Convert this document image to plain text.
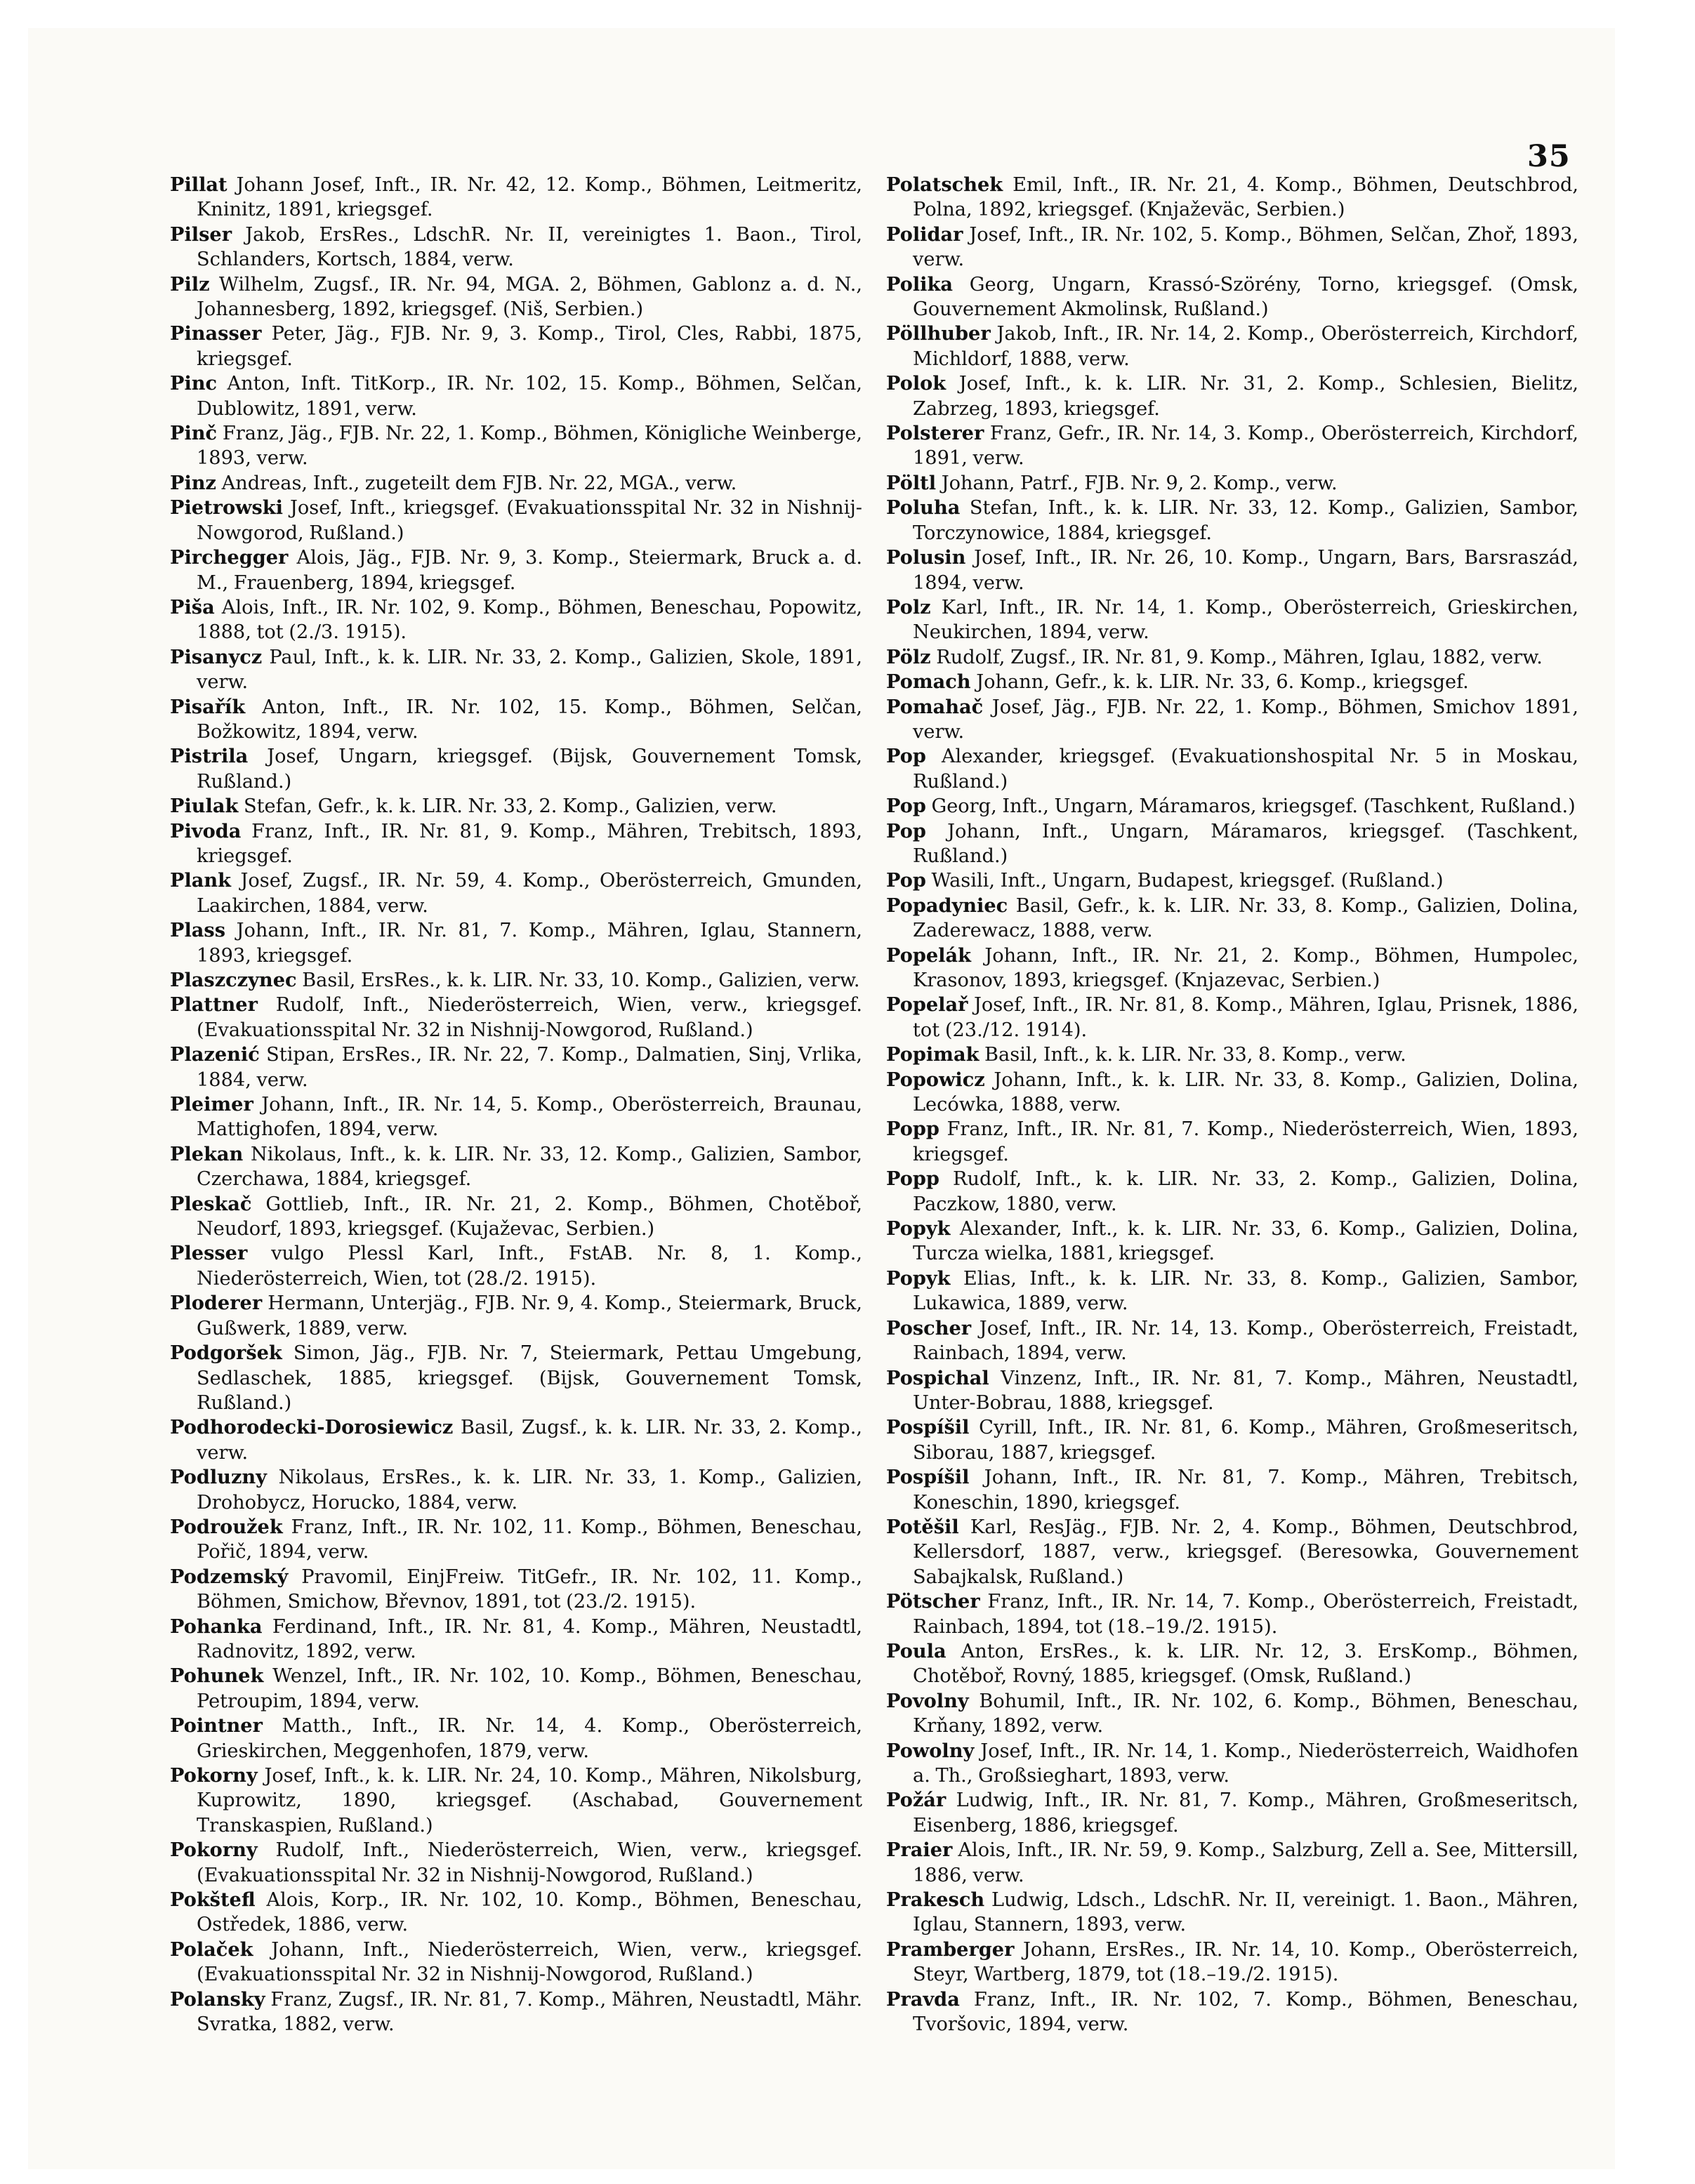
35

Pillat Johann Josef, Inft., IR. Nr. 42, 12. Komp., Böhmen, Leitmeritz, Kninitz, 1891, kriegsgef.

Pilser Jakob, ErsRes., LdschR. Nr. II, vereinigtes 1. Baon., Tirol, Schlanders, Kortsch, 1884, verw.

Pilz Wilhelm, Zugsf., IR. Nr. 94, MGA. 2, Böhmen, Gablonz a. d. N., Johannesberg, 1892, kriegsgef. (Niš, Serbien.)

Pinasser Peter, Jäg., FJB. Nr. 9, 3. Komp., Tirol, Cles, Rabbi, 1875, kriegsgef.

Pinc Anton, Inft. TitKorp., IR. Nr. 102, 15. Komp., Böhmen, Selčan, Dublowitz, 1891, verw.

Pinč Franz, Jäg., FJB. Nr. 22, 1. Komp., Böhmen, Königliche Weinberge, 1893, verw.

Pinz Andreas, Inft., zugeteilt dem FJB. Nr. 22, MGA., verw.

Pietrowski Josef, Inft., kriegsgef. (Evakuationsspital Nr. 32 in Nishnij-Nowgorod, Rußland.)

Pirchegger Alois, Jäg., FJB. Nr. 9, 3. Komp., Steiermark, Bruck a. d. M., Frauenberg, 1894, kriegsgef.

Piša Alois, Inft., IR. Nr. 102, 9. Komp., Böhmen, Beneschau, Popowitz, 1888, tot (2./3. 1915).

Pisanycz Paul, Inft., k. k. LIR. Nr. 33, 2. Komp., Galizien, Skole, 1891, verw.

Pisařík Anton, Inft., IR. Nr. 102, 15. Komp., Böhmen, Selčan, Božkowitz, 1894, verw.

Pistrila Josef, Ungarn, kriegsgef. (Bijsk, Gouvernement Tomsk, Rußland.)

Piulak Stefan, Gefr., k. k. LIR. Nr. 33, 2. Komp., Galizien, verw.

Pivoda Franz, Inft., IR. Nr. 81, 9. Komp., Mähren, Trebitsch, 1893, kriegsgef.

Plank Josef, Zugsf., IR. Nr. 59, 4. Komp., Oberösterreich, Gmunden, Laakirchen, 1884, verw.

Plass Johann, Inft., IR. Nr. 81, 7. Komp., Mähren, Iglau, Stannern, 1893, kriegsgef.

Plaszczynec Basil, ErsRes., k. k. LIR. Nr. 33, 10. Komp., Galizien, verw.

Plattner Rudolf, Inft., Niederösterreich, Wien, verw., kriegsgef. (Evakuationsspital Nr. 32 in Nishnij-Nowgorod, Rußland.)

Plazenić Stipan, ErsRes., IR. Nr. 22, 7. Komp., Dalmatien, Sinj, Vrlika, 1884, verw.

Pleimer Johann, Inft., IR. Nr. 14, 5. Komp., Oberösterreich, Braunau, Mattighofen, 1894, verw.

Plekan Nikolaus, Inft., k. k. LIR. Nr. 33, 12. Komp., Galizien, Sambor, Czerchawa, 1884, kriegsgef.

Pleskač Gottlieb, Inft., IR. Nr. 21, 2. Komp., Böhmen, Chotěboř, Neudorf, 1893, kriegsgef. (Kujaževac, Serbien.)

Plesser vulgo Plessl Karl, Inft., FstAB. Nr. 8, 1. Komp., Niederösterreich, Wien, tot (28./2. 1915).

Ploderer Hermann, Unterjäg., FJB. Nr. 9, 4. Komp., Steiermark, Bruck, Gußwerk, 1889, verw.

Podgoršek Simon, Jäg., FJB. Nr. 7, Steiermark, Pettau Umgebung, Sedlaschek, 1885, kriegsgef. (Bijsk, Gouvernement Tomsk, Rußland.)

Podhorodecki-Dorosiewicz Basil, Zugsf., k. k. LIR. Nr. 33, 2. Komp., verw.

Podluzny Nikolaus, ErsRes., k. k. LIR. Nr. 33, 1. Komp., Galizien, Drohobycz, Horucko, 1884, verw.

Podroužek Franz, Inft., IR. Nr. 102, 11. Komp., Böhmen, Beneschau, Pořič, 1894, verw.

Podzemský Pravomil, EinjFreiw. TitGefr., IR. Nr. 102, 11. Komp., Böhmen, Smichow, Břevnov, 1891, tot (23./2. 1915).

Pohanka Ferdinand, Inft., IR. Nr. 81, 4. Komp., Mähren, Neustadtl, Radnovitz, 1892, verw.

Pohunek Wenzel, Inft., IR. Nr. 102, 10. Komp., Böhmen, Beneschau, Petroupim, 1894, verw.

Pointner Matth., Inft., IR. Nr. 14, 4. Komp., Oberösterreich, Grieskirchen, Meggenhofen, 1879, verw.

Pokorny Josef, Inft., k. k. LIR. Nr. 24, 10. Komp., Mähren, Nikolsburg, Kuprowitz, 1890, kriegsgef. (Aschabad, Gouvernement Transkaspien, Rußland.)

Pokorny Rudolf, Inft., Niederösterreich, Wien, verw., kriegsgef. (Evakuationsspital Nr. 32 in Nishnij-Nowgorod, Rußland.)

Pokštefl Alois, Korp., IR. Nr. 102, 10. Komp., Böhmen, Beneschau, Ostředek, 1886, verw.

Polaček Johann, Inft., Niederösterreich, Wien, verw., kriegsgef. (Evakuationsspital Nr. 32 in Nishnij-Nowgorod, Rußland.)

Polansky Franz, Zugsf., IR. Nr. 81, 7. Komp., Mähren, Neustadtl, Mähr. Svratka, 1882, verw.

Polatschek Emil, Inft., IR. Nr. 21, 4. Komp., Böhmen, Deutschbrod, Polna, 1892, kriegsgef. (Knjaževäc, Serbien.)

Polidar Josef, Inft., IR. Nr. 102, 5. Komp., Böhmen, Selčan, Zhoř, 1893, verw.

Polika Georg, Ungarn, Krassó-Szörény, Torno, kriegsgef. (Omsk, Gouvernement Akmolinsk, Rußland.)

Pöllhuber Jakob, Inft., IR. Nr. 14, 2. Komp., Oberösterreich, Kirchdorf, Michldorf, 1888, verw.

Polok Josef, Inft., k. k. LIR. Nr. 31, 2. Komp., Schlesien, Bielitz, Zabrzeg, 1893, kriegsgef.

Polsterer Franz, Gefr., IR. Nr. 14, 3. Komp., Oberösterreich, Kirchdorf, 1891, verw.

Pöltl Johann, Patrf., FJB. Nr. 9, 2. Komp., verw.

Poluha Stefan, Inft., k. k. LIR. Nr. 33, 12. Komp., Galizien, Sambor, Torczynowice, 1884, kriegsgef.

Polusin Josef, Inft., IR. Nr. 26, 10. Komp., Ungarn, Bars, Barsraszád, 1894, verw.

Polz Karl, Inft., IR. Nr. 14, 1. Komp., Oberösterreich, Grieskirchen, Neukirchen, 1894, verw.

Pölz Rudolf, Zugsf., IR. Nr. 81, 9. Komp., Mähren, Iglau, 1882, verw.

Pomach Johann, Gefr., k. k. LIR. Nr. 33, 6. Komp., kriegsgef.

Pomahač Josef, Jäg., FJB. Nr. 22, 1. Komp., Böhmen, Smichov 1891, verw.

Pop Alexander, kriegsgef. (Evakuationshospital Nr. 5 in Moskau, Rußland.)

Pop Georg, Inft., Ungarn, Máramaros, kriegsgef. (Taschkent, Rußland.)

Pop Johann, Inft., Ungarn, Máramaros, kriegsgef. (Taschkent, Rußland.)

Pop Wasili, Inft., Ungarn, Budapest, kriegsgef. (Rußland.)

Popadyniec Basil, Gefr., k. k. LIR. Nr. 33, 8. Komp., Galizien, Dolina, Zaderewacz, 1888, verw.

Popelák Johann, Inft., IR. Nr. 21, 2. Komp., Böhmen, Humpolec, Krasonov, 1893, kriegsgef. (Knjazevac, Serbien.)

Popelař Josef, Inft., IR. Nr. 81, 8. Komp., Mähren, Iglau, Prisnek, 1886, tot (23./12. 1914).

Popimak Basil, Inft., k. k. LIR. Nr. 33, 8. Komp., verw.

Popowicz Johann, Inft., k. k. LIR. Nr. 33, 8. Komp., Galizien, Dolina, Lecówka, 1888, verw.

Popp Franz, Inft., IR. Nr. 81, 7. Komp., Niederösterreich, Wien, 1893, kriegsgef.

Popp Rudolf, Inft., k. k. LIR. Nr. 33, 2. Komp., Galizien, Dolina, Paczkow, 1880, verw.

Popyk Alexander, Inft., k. k. LIR. Nr. 33, 6. Komp., Galizien, Dolina, Turcza wielka, 1881, kriegsgef.

Popyk Elias, Inft., k. k. LIR. Nr. 33, 8. Komp., Galizien, Sambor, Lukawica, 1889, verw.

Poscher Josef, Inft., IR. Nr. 14, 13. Komp., Oberösterreich, Freistadt, Rainbach, 1894, verw.

Pospichal Vinzenz, Inft., IR. Nr. 81, 7. Komp., Mähren, Neustadtl, Unter-Bobrau, 1888, kriegsgef.

Pospíšil Cyrill, Inft., IR. Nr. 81, 6. Komp., Mähren, Großmeseritsch, Siborau, 1887, kriegsgef.

Pospíšil Johann, Inft., IR. Nr. 81, 7. Komp., Mähren, Trebitsch, Koneschin, 1890, kriegsgef.

Potěšil Karl, ResJäg., FJB. Nr. 2, 4. Komp., Böhmen, Deutschbrod, Kellersdorf, 1887, verw., kriegsgef. (Beresowka, Gouvernement Sabajkalsk, Rußland.)

Pötscher Franz, Inft., IR. Nr. 14, 7. Komp., Oberösterreich, Freistadt, Rainbach, 1894, tot (18.–19./2. 1915).

Poula Anton, ErsRes., k. k. LIR. Nr. 12, 3. ErsKomp., Böhmen, Chotěboř, Rovný, 1885, kriegsgef. (Omsk, Rußland.)

Povolny Bohumil, Inft., IR. Nr. 102, 6. Komp., Böhmen, Beneschau, Krňany, 1892, verw.

Powolny Josef, Inft., IR. Nr. 14, 1. Komp., Niederösterreich, Waidhofen a. Th., Großsieghart, 1893, verw.

Požár Ludwig, Inft., IR. Nr. 81, 7. Komp., Mähren, Großmeseritsch, Eisenberg, 1886, kriegsgef.

Praier Alois, Inft., IR. Nr. 59, 9. Komp., Salzburg, Zell a. See, Mittersill, 1886, verw.

Prakesch Ludwig, Ldsch., LdschR. Nr. II, vereinigt. 1. Baon., Mähren, Iglau, Stannern, 1893, verw.

Pramberger Johann, ErsRes., IR. Nr. 14, 10. Komp., Oberösterreich, Steyr, Wartberg, 1879, tot (18.–19./2. 1915).

Pravda Franz, Inft., IR. Nr. 102, 7. Komp., Böhmen, Beneschau, Tvoršovic, 1894, verw.
